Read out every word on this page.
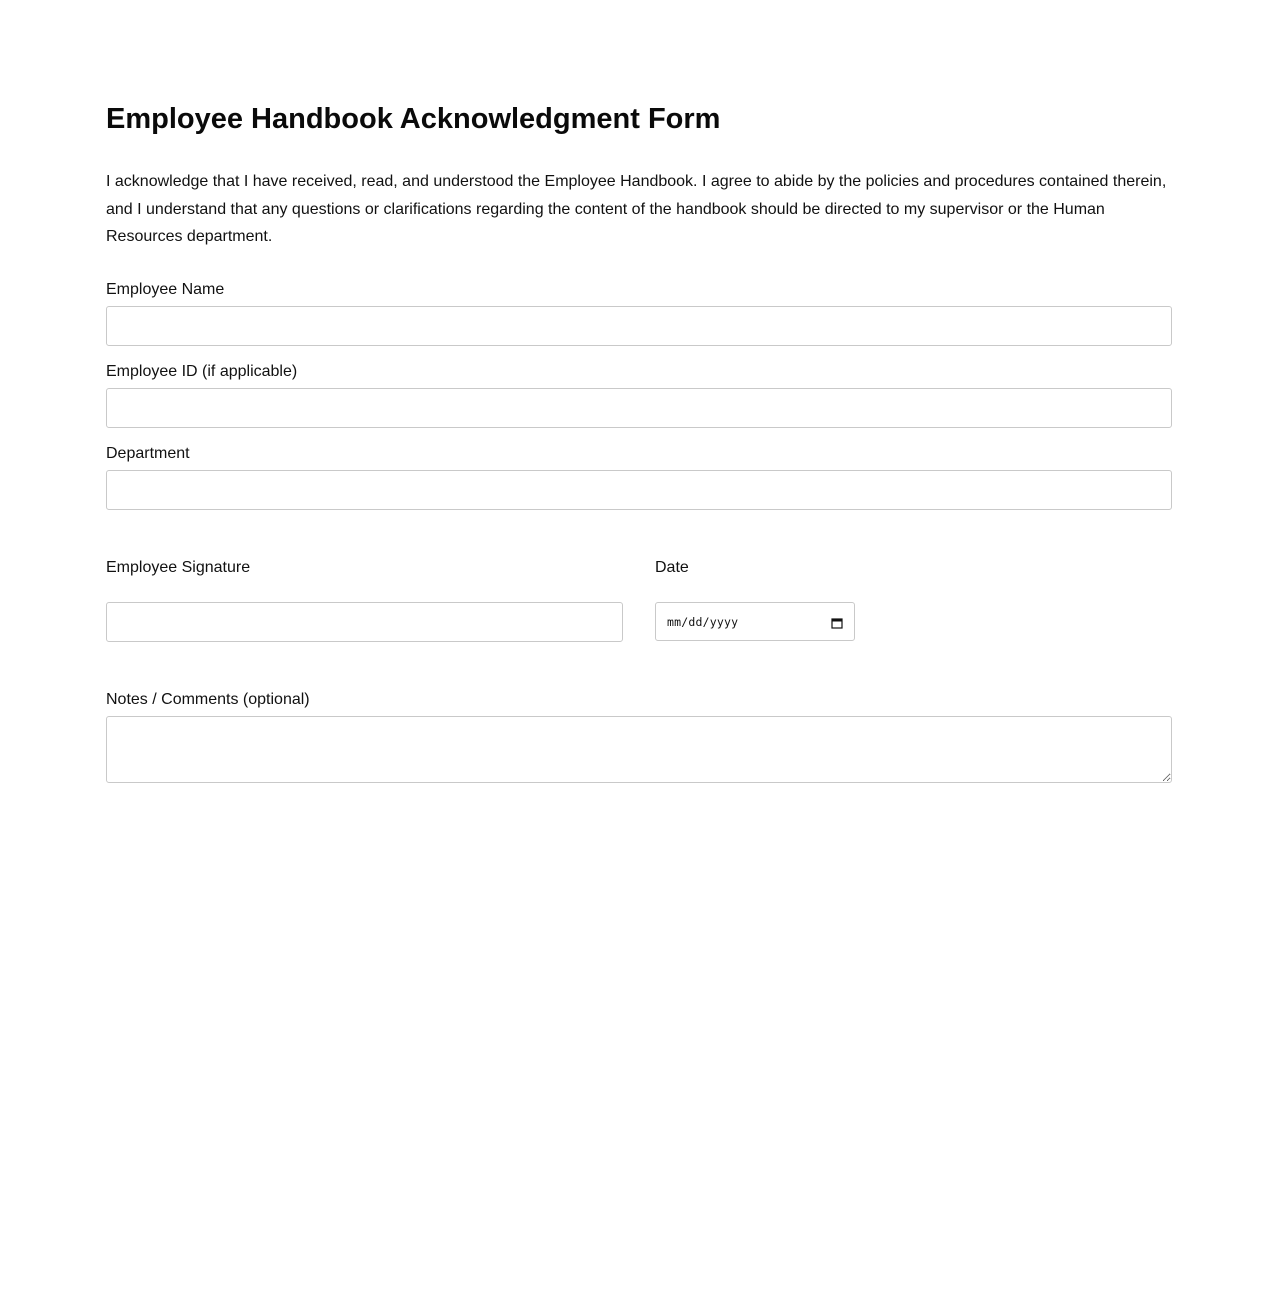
Employee Handbook Acknowledgment Form

I acknowledge that I have received, read, and understood the Employee Handbook. I agree to abide by the policies and procedures contained therein, and I understand that any questions or clarifications regarding the content of the handbook should be directed to my supervisor or the Human Resources department.

Employee Name
Employee ID (if applicable)
Department
Employee Signature	Date
mm/dd/yyyy
Notes / Comments (optional)
